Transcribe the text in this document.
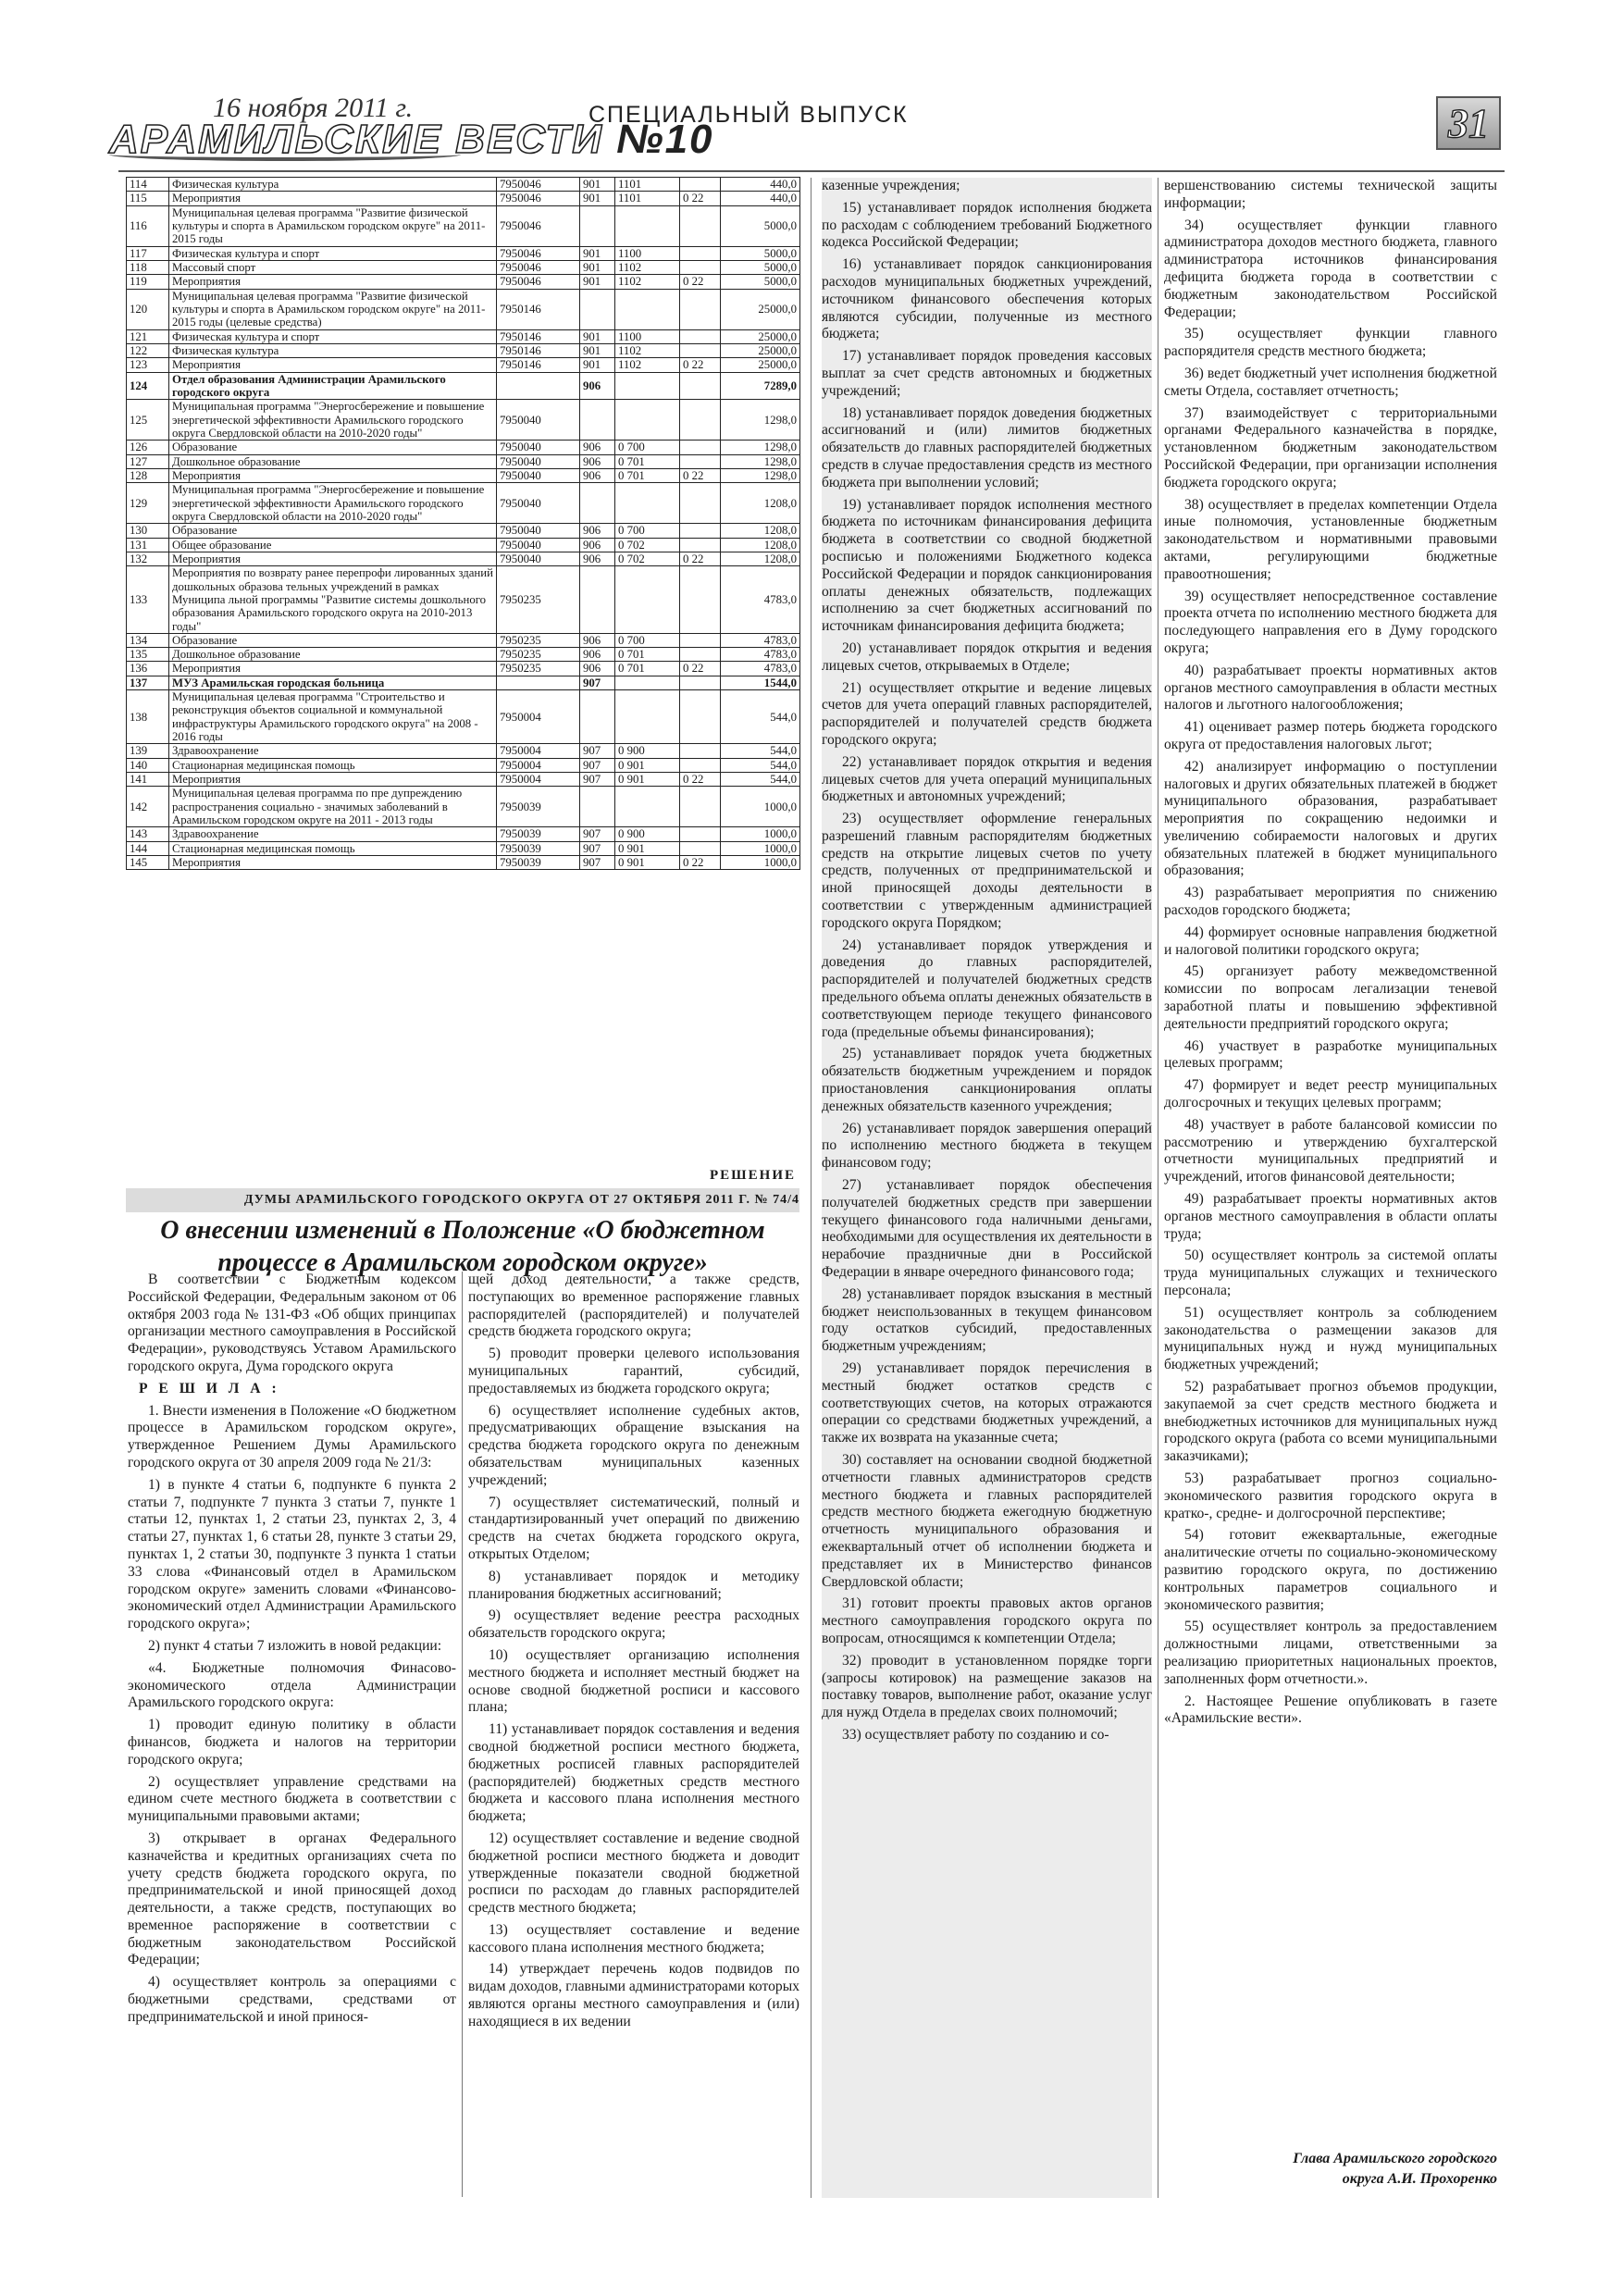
16 ноября 2011 г.
АРАМИЛЬСКИЕ ВЕСТИ №10
СПЕЦИАЛЬНЫЙ ВЫПУСК	31
114	Физическая культура	7950046	901	1101		440,0
115	Мероприятия	7950046	901	1101	0 22	440,0
116	Муниципальная целевая программа "Развитие физической культуры и спорта в Арамильском городском округе" на 2011-2015 годы	7950046				5000,0
117	Физическая культура и спорт	7950046	901	1100		5000,0
118	Массовый спорт	7950046	901	1102		5000,0
119	Мероприятия	7950046	901	1102	0 22	5000,0
120	Муниципальная целевая программа "Развитие физической культуры и спорта в Арамильском городском округе" на 2011-2015 годы (целевые средства)	7950146				25000,0
121	Физическая культура и спорт	7950146	901	1100		25000,0
122	Физическая культура	7950146	901	1102		25000,0
123	Мероприятия	7950146	901	1102	0 22	25000,0
124	Отдел образования Администрации Арамильского городского округа		906			7289,0
125	Муниципальная программа "Энергосбережение и повышение энергетической эффективности Арамильского городского округа Свердловской области на 2010-2020 годы"	7950040				1298,0
126	Образование	7950040	906	0 700		1298,0
127	Дошкольное образование	7950040	906	0 701		1298,0
128	Мероприятия	7950040	906	0 701	0 22	1298,0
129	Муниципальная программа "Энергосбережение и повышение энергетической эффективности Арамильского городского округа Свердловской области на 2010-2020 годы"	7950040				1208,0
130	Образование	7950040	906	0 700		1208,0
131	Общее образование	7950040	906	0 702		1208,0
132	Мероприятия	7950040	906	0 702	0 22	1208,0
133	Мероприятия по возврату ранее перепрофи лированных зданий дошкольных образова тельных учреждений в рамках Муниципа льной программы "Развитие системы дошкольного образования Арамильского городского округа на 2010-2013 годы"	7950235				4783,0
134	Образование	7950235	906	0 700		4783,0
135	Дошкольное образование	7950235	906	0 701		4783,0
136	Мероприятия	7950235	906	0 701	0 22	4783,0
137	МУЗ Арамильская городская больница		907			1544,0
138	Муниципальная целевая программа "Строительство и реконструкция объектов социальной и коммунальной инфраструктуры Арамильского городского округа" на 2008 - 2016 годы	7950004				544,0
139	Здравоохранение	7950004	907	0 900		544,0
140	Стационарная медицинская помощь	7950004	907	0 901		544,0
141	Мероприятия	7950004	907	0 901	0 22	544,0
142	Муниципальная целевая программа по пре дупреждению распространения социально - значимых заболеваний в Арамильском городском округе на 2011 - 2013 годы	7950039				1000,0
143	Здравоохранение	7950039	907	0 900		1000,0
144	Стационарная медицинская помощь	7950039	907	0 901		1000,0
145	Мероприятия	7950039	907	0 901	0 22	1000,0
РЕШЕНИЕ
ДУМЫ АРАМИЛЬСКОГО ГОРОДСКОГО ОКРУГА ОТ 27 ОКТЯБРЯ 2011 Г. № 74/4
О внесении изменений в Положение «О бюджетном
процессе в Арамильском городском округе»

В соответствии с Бюджетным кодексом Российской Федерации, Федеральным законом от 06 октября 2003 года № 131-ФЗ «Об общих принципах организации местного самоуправления в Российской Федерации», руководствуясь Уставом Арамильского городского округа, Дума городского округа

Р Е Ш И Л А :

1. Внести изменения в Положение «О бюджетном процессе в Арамильском городском округе», утвержденное Решением Думы Арамильского городского округа от 30 апреля 2009 года № 21/3:

1) в пункте 4 статьи 6, подпункте 6 пункта 2 статьи 7, подпункте 7 пункта 3 статьи 7, пункте 1 статьи 12, пунктах 1, 2 статьи 23, пунктах 2, 3, 4 статьи 27, пунктах 1, 6 статьи 28, пункте 3 статьи 29, пунктах 1, 2 статьи 30, подпункте 3 пункта 1 статьи 33 слова «Финансовый отдел в Арамильском городском округе» заменить словами «Финансово-экономический отдел Администрации Арамильского городского округа»;

2) пункт 4 статьи 7 изложить в новой редакции:

«4. Бюджетные полномочия Финасово-экономического отдела Администрации Арамильского городского округа:

1) проводит единую политику в области финансов, бюджета и налогов на территории городского округа;

2) осуществляет управление средствами на едином счете местного бюджета в соответствии с муниципальными правовыми актами;

3) открывает в органах Федерального казначейства и кредитных организациях счета по учету средств бюджета городского округа, по предпринимательской и иной приносящей доход деятельности, а также средств, поступающих во временное распоряжение в соответствии с бюджетным законодательством Российской Федерации;

4) осуществляет контроль за операциями с бюджетными средствами, средствами от предпринимательской и иной принося-

щей доход деятельности, а также средств, поступающих во временное распоряжение главных распорядителей (распорядителей) и получателей средств бюджета городского округа;

5) проводит проверки целевого использования муниципальных гарантий, субсидий, предоставляемых из бюджета городского округа;

6) осуществляет исполнение судебных актов, предусматривающих обращение взыскания на средства бюджета городского округа по денежным обязательствам муниципальных казенных учреждений;

7) осуществляет систематический, полный и стандартизированный учет операций по движению средств на счетах бюджета городского округа, открытых Отделом;

8) устанавливает порядок и методику планирования бюджетных ассигнований;

9) осуществляет ведение реестра расходных обязательств городского округа;

10) осуществляет организацию исполнения местного бюджета и исполняет местный бюджет на основе сводной бюджетной росписи и кассового плана;

11) устанавливает порядок составления и ведения сводной бюджетной росписи местного бюджета, бюджетных росписей главных распорядителей (распорядителей) бюджетных средств местного бюджета и кассового плана исполнения местного бюджета;

12) осуществляет составление и ведение сводной бюджетной росписи местного бюджета и доводит утвержденные показатели сводной бюджетной росписи по расходам до главных распорядителей средств местного бюджета;

13) осуществляет составление и ведение кассового плана исполнения местного бюджета;

14) утверждает перечень кодов подвидов по видам доходов, главными администраторами которых являются органы местного самоуправления и (или) находящиеся в их ведении

казенные учреждения;

15) устанавливает порядок исполнения бюджета по расходам с соблюдением требований Бюджетного кодекса Российской Федерации;

16) устанавливает порядок санкционирования расходов муниципальных бюджетных учреждений, источником финансового обеспечения которых являются субсидии, полученные из местного бюджета;

17) устанавливает порядок проведения кассовых выплат за счет средств автономных и бюджетных учреждений;

18) устанавливает порядок доведения бюджетных ассигнований и (или) лимитов бюджетных обязательств до главных распорядителей бюджетных средств в случае предоставления средств из местного бюджета при выполнении условий;

19) устанавливает порядок исполнения местного бюджета по источникам финансирования дефицита бюджета в соответствии со сводной бюджетной росписью и положениями Бюджетного кодекса Российской Федерации и порядок санкционирования оплаты денежных обязательств, подлежащих исполнению за счет бюджетных ассигнований по источникам финансирования дефицита бюджета;

20) устанавливает порядок открытия и ведения лицевых счетов, открываемых в Отделе;

21) осуществляет открытие и ведение лицевых счетов для учета операций главных распорядителей, распорядителей и получателей средств бюджета городского округа;

22) устанавливает порядок открытия и ведения лицевых счетов для учета операций муниципальных бюджетных и автономных учреждений;

23) осуществляет оформление генеральных разрешений главным распорядителям бюджетных средств на открытие лицевых счетов по учету средств, полученных от предпринимательской и иной приносящей доходы деятельности в соответствии с утвержденным администрацией городского округа Порядком;

24) устанавливает порядок утверждения и доведения до главных распорядителей, распорядителей и получателей бюджетных средств предельного объема оплаты денежных обязательств в соответствующем периоде текущего финансового года (предельные объемы финансирования);

25) устанавливает порядок учета бюджетных обязательств бюджетным учреждением и порядок приостановления санкционирования оплаты денежных обязательств казенного учреждения;

26) устанавливает порядок завершения операций по исполнению местного бюджета в текущем финансовом году;

27) устанавливает порядок обеспечения получателей бюджетных средств при завершении текущего финансового года наличными деньгами, необходимыми для осуществления их деятельности в нерабочие праздничные дни в Российской Федерации в январе очередного финансового года;

28) устанавливает порядок взыскания в местный бюджет неиспользованных в текущем финансовом году остатков субсидий, предоставленных бюджетным учреждениям;

29) устанавливает порядок перечисления в местный бюджет остатков средств с соответствующих счетов, на которых отражаются операции со средствами бюджетных учреждений, а также их возврата на указанные счета;

30) составляет на основании сводной бюджетной отчетности главных администраторов средств местного бюджета и главных распорядителей средств местного бюджета ежегодную бюджетную отчетность муниципального образования и ежеквартальный отчет об исполнении бюджета и представляет их в Министерство финансов Свердловской области;

31) готовит проекты правовых актов органов местного самоуправления городского округа по вопросам, относящимся к компетенции Отдела;

32) проводит в установленном порядке торги (запросы котировок) на размещение заказов на поставку товаров, выполнение работ, оказание услуг для нужд Отдела в пределах своих полномочий;

33) осуществляет работу по созданию и со-

вершенствованию системы технической защиты информации;

34) осуществляет функции главного администратора доходов местного бюджета, главного администратора источников финансирования дефицита бюджета города в соответствии с бюджетным законодательством Российской Федерации;

35) осуществляет функции главного распорядителя средств местного бюджета;

36) ведет бюджетный учет исполнения бюджетной сметы Отдела, составляет отчетность;

37) взаимодействует с территориальными органами Федерального казначейства в порядке, установленном бюджетным законодательством Российской Федерации, при организации исполнения бюджета городского округа;

38) осуществляет в пределах компетенции Отдела иные полномочия, установленные бюджетным законодательством и нормативными правовыми актами, регулирующими бюджетные правоотношения;

39) осуществляет непосредственное составление проекта отчета по исполнению местного бюджета для последующего направления его в Думу городского округа;

40) разрабатывает проекты нормативных актов органов местного самоуправления в области местных налогов и льготного налогообложения;

41) оценивает размер потерь бюджета городского округа от предоставления налоговых льгот;

42) анализирует информацию о поступлении налоговых и других обязательных платежей в бюджет муниципального образования, разрабатывает мероприятия по сокращению недоимки и увеличению собираемости налоговых и других обязательных платежей в бюджет муниципального образования;

43) разрабатывает мероприятия по снижению расходов городского бюджета;

44) формирует основные направления бюджетной и налоговой политики городского округа;

45) организует работу межведомственной комиссии по вопросам легализации теневой заработной платы и повышению эффективной деятельности предприятий городского округа;

46) участвует в разработке муниципальных целевых программ;

47) формирует и ведет реестр муниципальных долгосрочных и текущих целевых программ;

48) участвует в работе балансовой комиссии по рассмотрению и утверждению бухгалтерской отчетности муниципальных предприятий и учреждений, итогов финансовой деятельности;

49) разрабатывает проекты нормативных актов органов местного самоуправления в области оплаты труда;

50) осуществляет контроль за системой оплаты труда муниципальных служащих и технического персонала;

51) осуществляет контроль за соблюдением законодательства о размещении заказов для муниципальных нужд и нужд муниципальных бюджетных учреждений;

52) разрабатывает прогноз объемов продукции, закупаемой за счет средств местного бюджета и внебюджетных источников для муниципальных нужд городского округа (работа со всеми муниципальными заказчиками);

53) разрабатывает прогноз социально-экономического развития городского округа в кратко-, средне- и долгосрочной перспективе;

54) готовит ежеквартальные, ежегодные аналитические отчеты по социально-экономическому развитию городского округа, по достижению контрольных параметров социального и экономического развития;

55) осуществляет контроль за предоставлением должностными лицами, ответственными за реализацию приоритетных национальных проектов, заполненных форм отчетности.».

2. Настоящее Решение опубликовать в газете «Арамильские вести».

Глава Арамильского городского
округа А.И. Прохоренко
